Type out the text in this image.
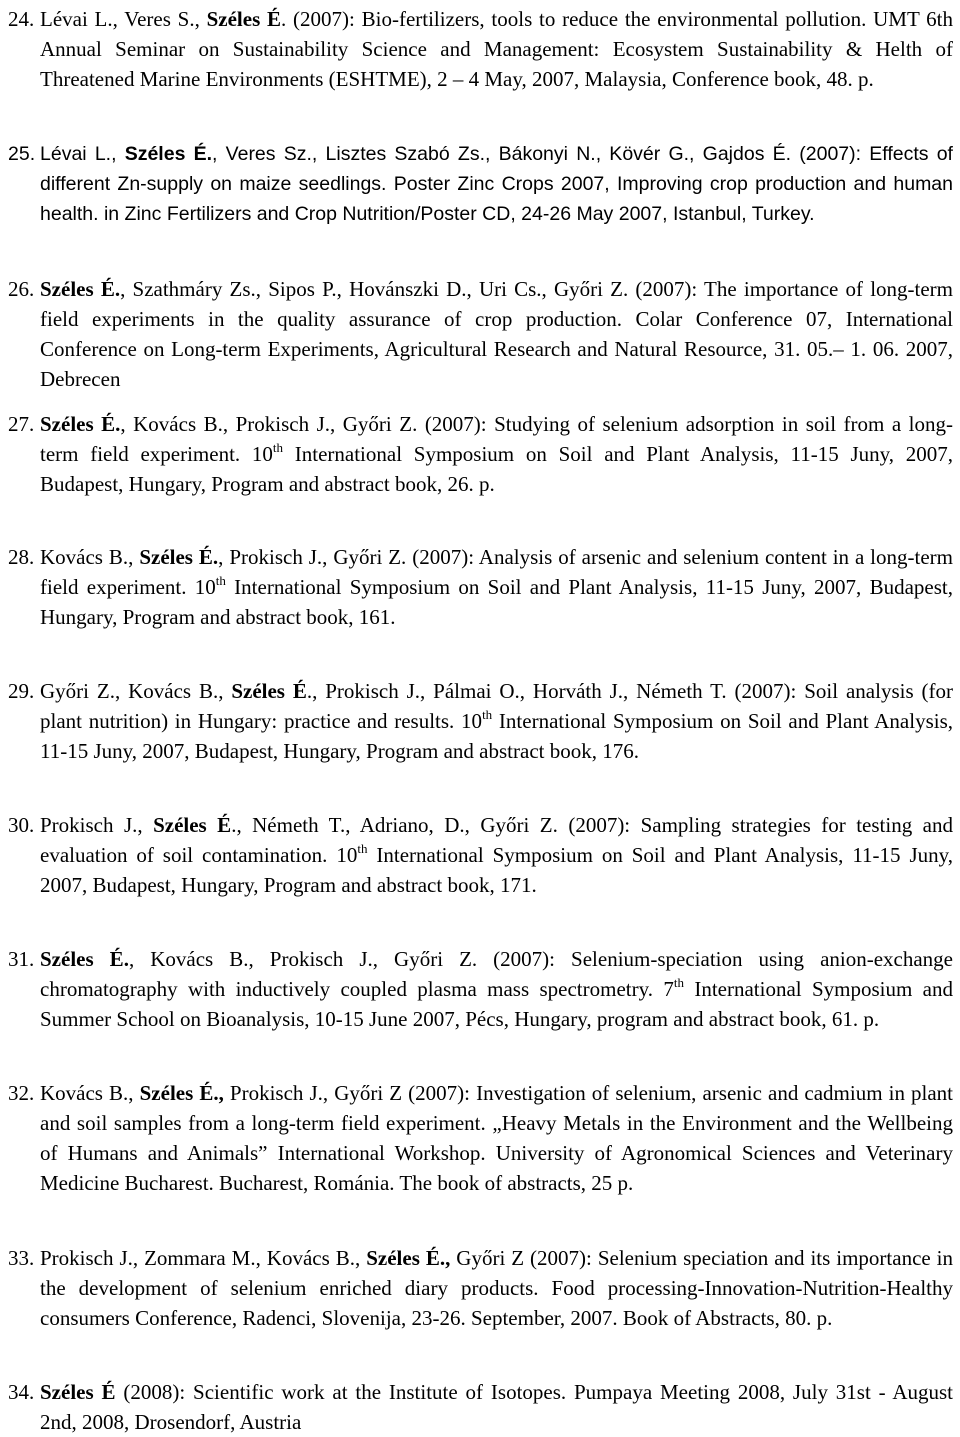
24. Lévai L., Veres S., Széles É. (2007): Bio-fertilizers, tools to reduce the environmental pollution. UMT 6th Annual Seminar on Sustainability Science and Management: Ecosystem Sustainability & Helth of Threatened Marine Environments (ESHTME), 2 – 4 May, 2007, Malaysia, Conference book, 48. p.
25. Lévai L., Széles É., Veres Sz., Lisztes Szabó Zs., Bákonyi N., Kövér G., Gajdos É. (2007): Effects of different Zn-supply on maize seedlings. Poster Zinc Crops 2007, Improving crop production and human health. in Zinc Fertilizers and Crop Nutrition/Poster CD, 24-26 May 2007, Istanbul, Turkey.
26. Széles É., Szathmáry Zs., Sipos P., Hovánszki D., Uri Cs., Győri Z. (2007): The importance of long-term field experiments in the quality assurance of crop production. Colar Conference 07, International Conference on Long-term Experiments, Agricultural Research and Natural Resource, 31. 05.– 1. 06. 2007, Debrecen
27. Széles É., Kovács B., Prokisch J., Győri Z. (2007): Studying of selenium adsorption in soil from a long-term field experiment. 10th International Symposium on Soil and Plant Analysis, 11-15 Juny, 2007, Budapest, Hungary, Program and abstract book, 26. p.
28. Kovács B., Széles É., Prokisch J., Győri Z. (2007): Analysis of arsenic and selenium content in a long-term field experiment. 10th International Symposium on Soil and Plant Analysis, 11-15 Juny, 2007, Budapest, Hungary, Program and abstract book, 161.
29. Győri Z., Kovács B., Széles É., Prokisch J., Pálmai O., Horváth J., Németh T. (2007): Soil analysis (for plant nutrition) in Hungary: practice and results. 10th International Symposium on Soil and Plant Analysis, 11-15 Juny, 2007, Budapest, Hungary, Program and abstract book, 176.
30. Prokisch J., Széles É., Németh T., Adriano, D., Győri Z. (2007): Sampling strategies for testing and evaluation of soil contamination. 10th International Symposium on Soil and Plant Analysis, 11-15 Juny, 2007, Budapest, Hungary, Program and abstract book, 171.
31. Széles É., Kovács B., Prokisch J., Győri Z. (2007): Selenium-speciation using anion-exchange chromatography with inductively coupled plasma mass spectrometry. 7th International Symposium and Summer School on Bioanalysis, 10-15 June 2007, Pécs, Hungary, program and abstract book, 61. p.
32. Kovács B., Széles É., Prokisch J., Győri Z (2007): Investigation of selenium, arsenic and cadmium in plant and soil samples from a long-term field experiment. „Heavy Metals in the Environment and the Wellbeing of Humans and Animals” International Workshop. University of Agronomical Sciences and Veterinary Medicine Bucharest. Bucharest, Románia. The book of abstracts, 25 p.
33. Prokisch J., Zommara M., Kovács B., Széles É., Győri Z (2007): Selenium speciation and its importance in the development of selenium enriched diary products. Food processing-Innovation-Nutrition-Healthy consumers Conference, Radenci, Slovenija, 23-26. September, 2007. Book of Abstracts, 80. p.
34. Széles É (2008): Scientific work at the Institute of Isotopes. Pumpaya Meeting 2008, July 31st - August 2nd, 2008, Drosendorf, Austria
